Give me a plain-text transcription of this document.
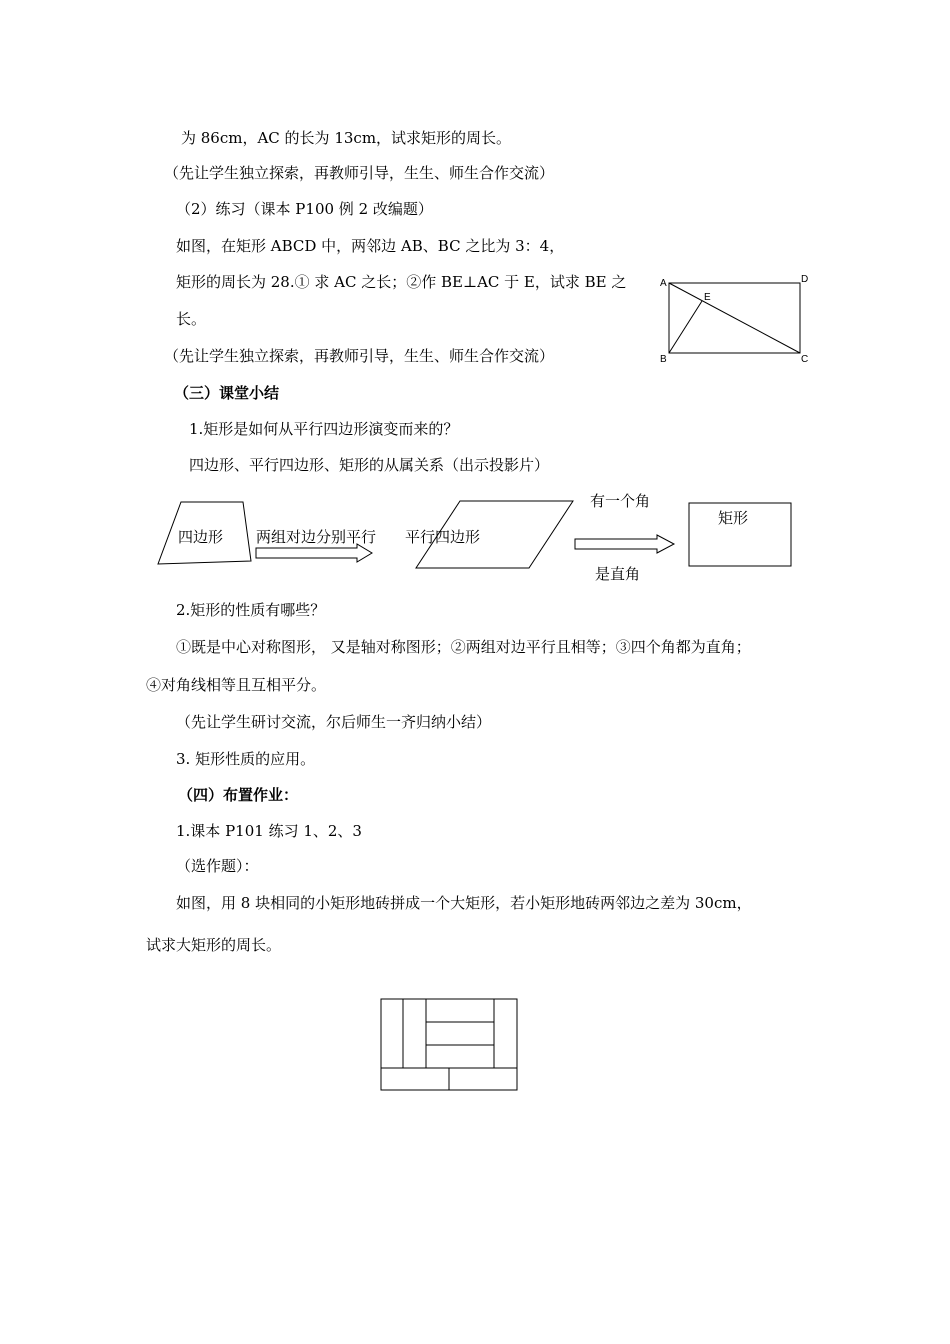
为 86cm，AC 的长为 13cm，试求矩形的周长。
（先让学生独立探索，再教师引导，生生、师生合作交流）
（2）练习（课本 P100 例 2 改编题）
如图，在矩形 ABCD 中，两邻边 AB、BC 之比为 3：4，
矩形的周长为 28.① 求 AC 之长；②作 BE⊥AC 于 E，试求 BE 之
长。
（先让学生独立探索，再教师引导，生生、师生合作交流）
（三）课堂小结
1.矩形是如何从平行四边形演变而来的？
四边形、平行四边形、矩形的从属关系（出示投影片）
2.矩形的性质有哪些？
①既是中心对称图形， 又是轴对称图形；②两组对边平行且相等；③四个角都为直角；
④对角线相等且互相平分。
（先让学生研讨交流，尔后师生一齐归纳小结）
3. 矩形性质的应用。
（四）布置作业：
1.课本 P101 练习 1、2、3
（选作题）：
如图，用 8 块相同的小矩形地砖拼成一个大矩形，若小矩形地砖两邻边之差为 30cm，
试求大矩形的周长。
A	D
E
B	C
四边形 两组对边分别平行 平行四边形
有一个角
是直角
矩形
